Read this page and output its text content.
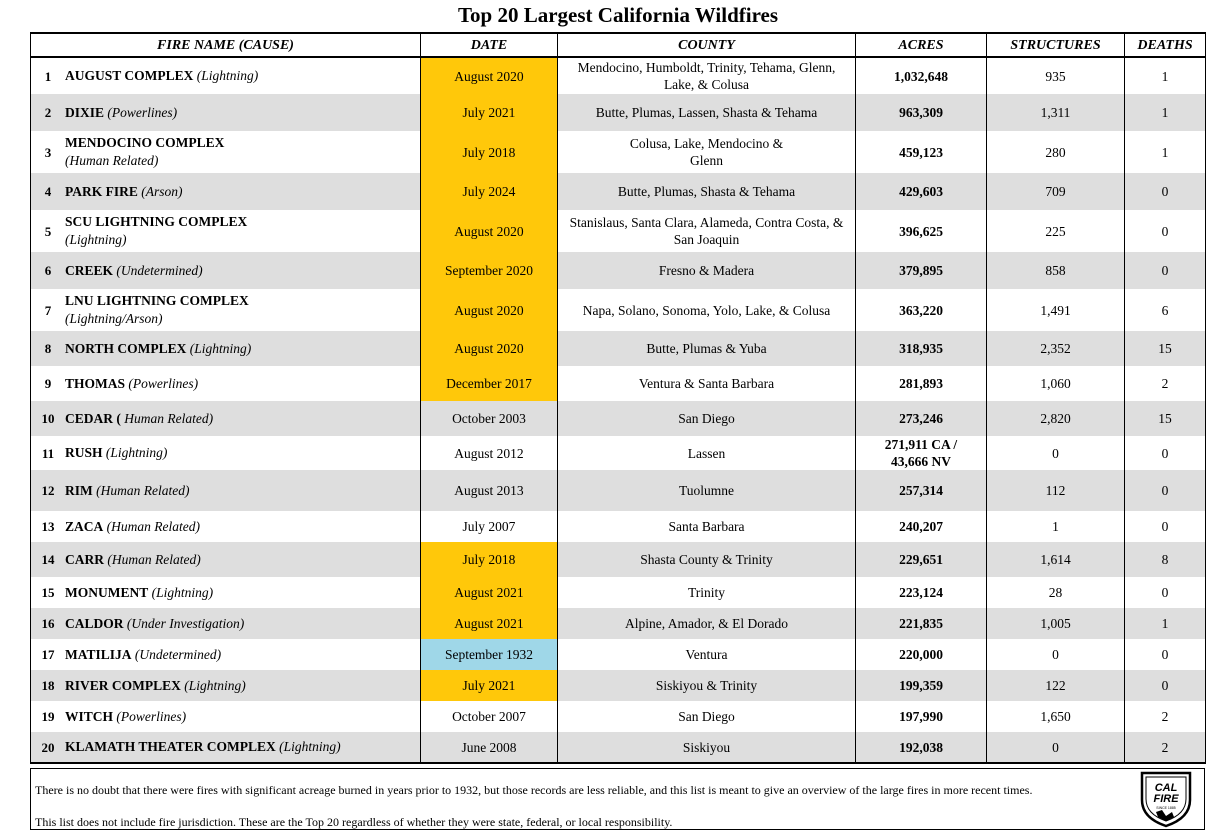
Top 20 Largest California Wildfires
FIRE NAME (CAUSE)	DATE	COUNTY	ACRES	STRUCTURES	DEATHS

1 AUGUST COMPLEX (Lightning)	August 2020	Mendocino, Humboldt, Trinity, Tehama, Glenn, Lake, & Colusa	1,032,648	935	1

2 DIXIE (Powerlines)	July 2021	Butte, Plumas, Lassen, Shasta & Tehama	963,309	1,311	1

3
MENDOCINO COMPLEX
(Human Related)	July 2018	Colusa, Lake, Mendocino & Glenn	459,123	280	1

4 PARK FIRE (Arson)	July 2024	Butte, Plumas, Shasta & Tehama	429,603	709	0

5
SCU LIGHTNING COMPLEX
(Lightning)	August 2020	Stanislaus, Santa Clara, Alameda, Contra Costa, & San Joaquin	396,625	225	0

6 CREEK (Undetermined)	September 2020	Fresno & Madera	379,895	858	0

7
LNU LIGHTNING COMPLEX
(Lightning/Arson)	August 2020	Napa, Solano, Sonoma, Yolo, Lake, & Colusa	363,220	1,491	6

8 NORTH COMPLEX (Lightning)	August 2020	Butte, Plumas & Yuba	318,935	2,352	15

9 THOMAS (Powerlines)	December 2017	Ventura & Santa Barbara	281,893	1,060	2

10 CEDAR ( Human Related)	October 2003	San Diego	273,246	2,820	15

11 RUSH (Lightning)	August 2012	Lassen	271,911 CA / 43,666 NV	0	0

12 RIM (Human Related)	August 2013	Tuolumne	257,314	112	0

13 ZACA (Human Related)	July 2007	Santa Barbara	240,207	1	0

14 CARR (Human Related)	July 2018	Shasta County & Trinity	229,651	1,614	8

15 MONUMENT (Lightning)	August 2021	Trinity	223,124	28	0

16 CALDOR (Under Investigation)	August 2021	Alpine, Amador, & El Dorado	221,835	1,005	1

17 MATILIJA (Undetermined)	September 1932	Ventura	220,000	0	0

18 RIVER COMPLEX (Lightning)	July 2021	Siskiyou & Trinity	199,359	122	0

19 WITCH (Powerlines)	October 2007	San Diego	197,990	1,650	2

20 KLAMATH THEATER COMPLEX (Lightning)	June 2008	Siskiyou	192,038	0	2
There is no doubt that there were fires with significant acreage burned in years prior to 1932, but those records are less reliable, and this list is meant to give an overview of the large fires in more recent times.
This list does not include fire jurisdiction. These are the Top 20 regardless of whether they were state, federal, or local responsibility.
CAL
FIRE
SINCE 1885
